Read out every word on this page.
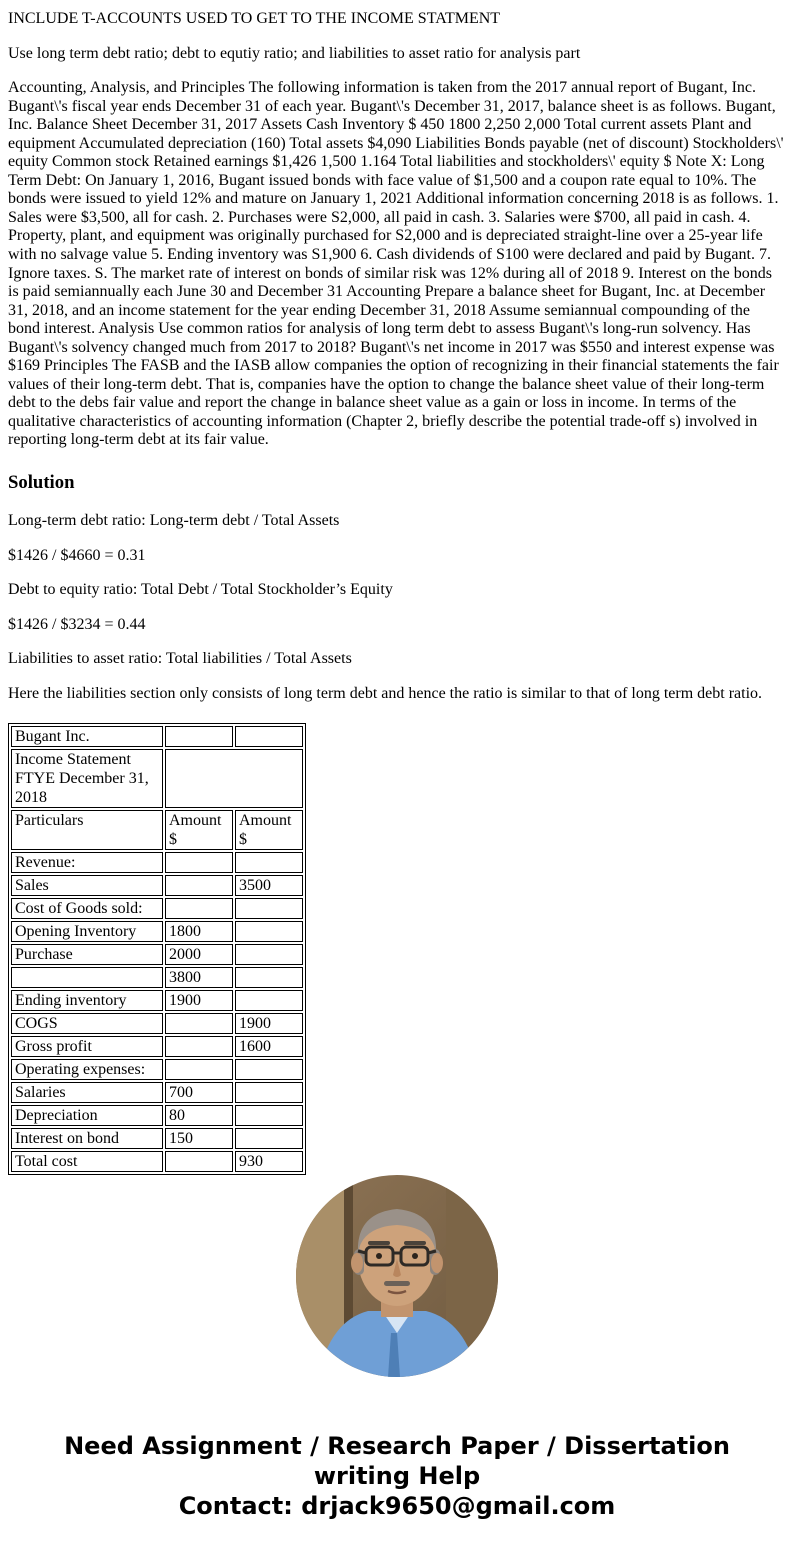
INCLUDE T-ACCOUNTS USED TO GET TO THE INCOME STATMENT

Use long term debt ratio; debt to equtiy ratio; and liabilities to asset ratio for analysis part

Accounting, Analysis, and Principles The following information is taken from the 2017 annual report of Bugant, Inc. Bugant\'s fiscal year ends December 31 of each year. Bugant\'s December 31, 2017, balance sheet is as follows. Bugant, Inc. Balance Sheet December 31, 2017 Assets Cash Inventory $ 450 1800 2,250 2,000 Total current assets Plant and equipment Accumulated depreciation (160) Total assets $4,090 Liabilities Bonds payable (net of discount) Stockholders\' equity Common stock Retained earnings $1,426 1,500 1.164 Total liabilities and stockholders\' equity $ Note X: Long Term Debt: On January 1, 2016, Bugant issued bonds with face value of $1,500 and a coupon rate equal to 10%. The bonds were issued to yield 12% and mature on January 1, 2021 Additional information concerning 2018 is as follows. 1. Sales were $3,500, all for cash. 2. Purchases were S2,000, all paid in cash. 3. Salaries were $700, all paid in cash. 4. Property, plant, and equipment was originally purchased for S2,000 and is depreciated straight-line over a 25-year life with no salvage value 5. Ending inventory was S1,900 6. Cash dividends of S100 were declared and paid by Bugant. 7. Ignore taxes. S. The market rate of interest on bonds of similar risk was 12% during all of 2018 9. Interest on the bonds is paid semiannually each June 30 and December 31 Accounting Prepare a balance sheet for Bugant, Inc. at December 31, 2018, and an income statement for the year ending December 31, 2018 Assume semiannual compounding of the bond interest. Analysis Use common ratios for analysis of long term debt to assess Bugant\'s long-run solvency. Has Bugant\'s solvency changed much from 2017 to 2018? Bugant\'s net income in 2017 was $550 and interest expense was $169 Principles The FASB and the IASB allow companies the option of recognizing in their financial statements the fair values of their long-term debt. That is, companies have the option to change the balance sheet value of their long-term debt to the debs fair value and report the change in balance sheet value as a gain or loss in income. In terms of the qualitative characteristics of accounting information (Chapter 2, briefly describe the potential trade-off s) involved in reporting long-term debt at its fair value.

Solution

Long-term debt ratio: Long-term debt / Total Assets

$1426 / $4660 = 0.31

Debt to equity ratio: Total Debt / Total Stockholder’s Equity

$1426 / $3234 = 0.44

Liabilities to asset ratio: Total liabilities / Total Assets

Here the liabilities section only consists of long term debt and hence the ratio is similar to that of long term debt ratio.

Bugant Inc.		
Income Statement FTYE December 31, 2018		
Particulars	Amount $	Amount $
Revenue:		
Sales		3500
Cost of Goods sold:		
Opening Inventory	1800	
Purchase	2000	
	3800	
Ending inventory	1900	
COGS		1900
Gross profit		1600
Operating expenses:		
Salaries	700	
Depreciation	80	
Interest on bond	150	
Total cost		930
Need Assignment / Research Paper / Dissertation
writing Help
Contact: drjack9650@gmail.com
